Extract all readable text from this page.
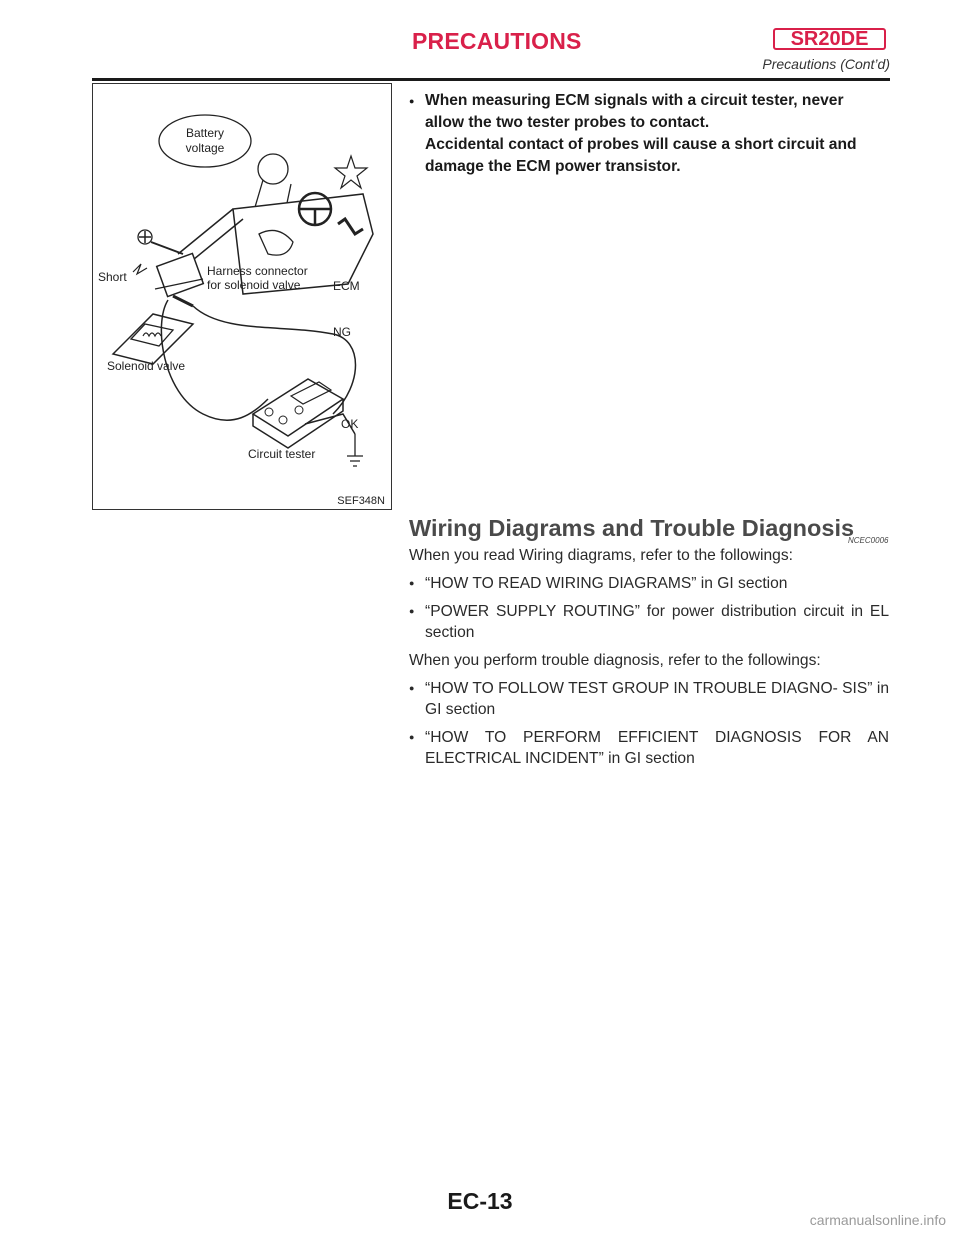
PRECAUTIONS	SR20DE
Precautions (Cont’d)
Battery
voltage
Short	Harness connector
for solenoid valve	ECM
Solenoid valve
NG
OK
Circuit tester
SEF348N
● When measuring ECM signals with a circuit tester, never
allow the two tester probes to contact.
Accidental contact of probes will cause a short circuit and
damage the ECM power transistor.
Wiring Diagrams and Trouble Diagnosis
NCEC0006

When you read Wiring diagrams, refer to the followings:

● “HOW TO READ WIRING DIAGRAMS” in GI section
● “POWER SUPPLY ROUTING” for power distribution circuit in EL section

When you perform trouble diagnosis, refer to the followings:

● “HOW TO FOLLOW TEST GROUP IN TROUBLE DIAGNO- SIS” in GI section
● “HOW TO PERFORM EFFICIENT DIAGNOSIS FOR AN ELECTRICAL INCIDENT” in GI section
EC-13
carmanualsonline.info
